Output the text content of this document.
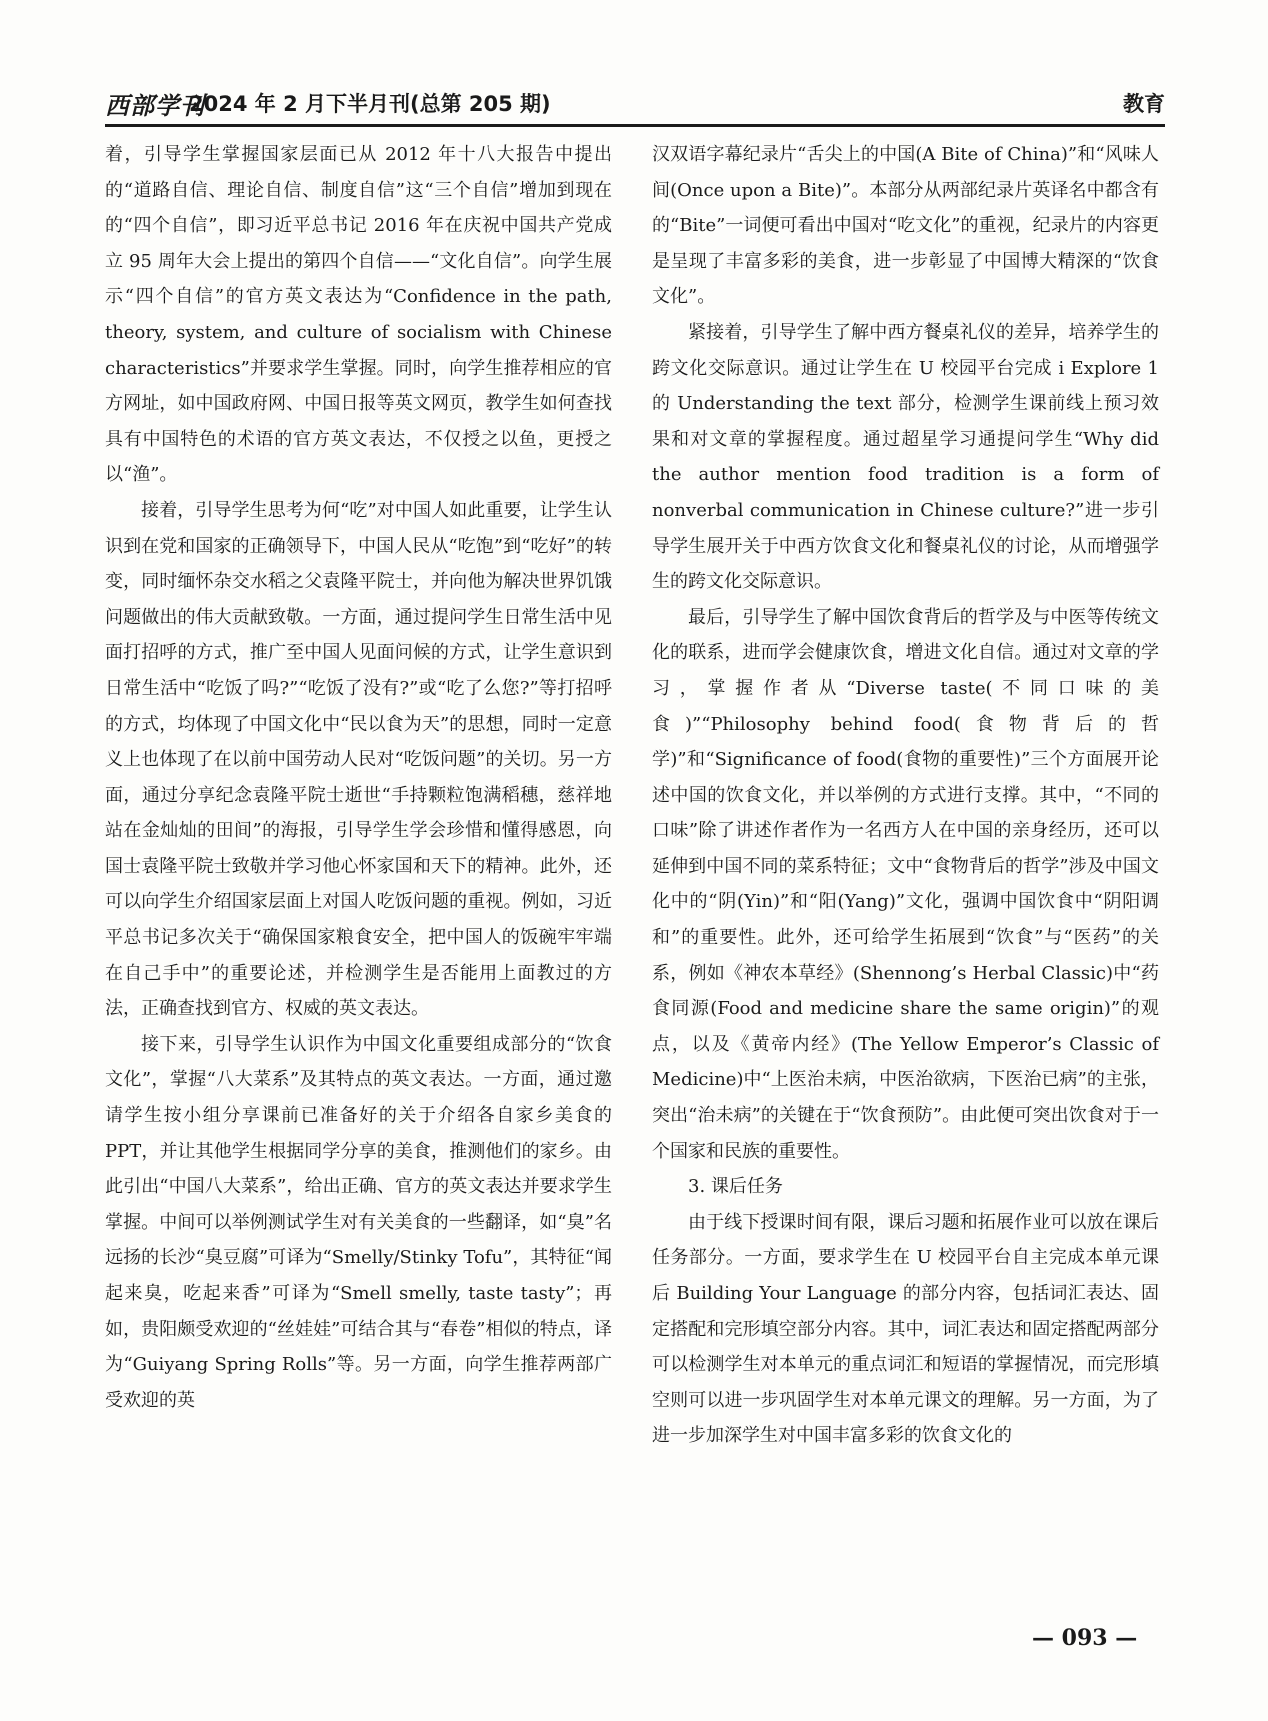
西部学刊
2024 年 2 月下半月刊(总第 205 期)	教育

着，引导学生掌握国家层面已从 2012 年十八大报告中提出的“道路自信、理论自信、制度自信”这“三个自信”增加到现在的“四个自信”，即习近平总书记 2016 年在庆祝中国共产党成立 95 周年大会上提出的第四个自信——“文化自信”。向学生展示“四个自信”的官方英文表达为“Confidence in the path, theory, system, and culture of socialism with Chinese characteristics”并要求学生掌握。同时，向学生推荐相应的官方网址，如中国政府网、中国日报等英文网页，教学生如何查找具有中国特色的术语的官方英文表达，不仅授之以鱼，更授之以“渔”。

接着，引导学生思考为何“吃”对中国人如此重要，让学生认识到在党和国家的正确领导下，中国人民从“吃饱”到“吃好”的转变，同时缅怀杂交水稻之父袁隆平院士，并向他为解决世界饥饿问题做出的伟大贡献致敬。一方面，通过提问学生日常生活中见面打招呼的方式，推广至中国人见面问候的方式，让学生意识到日常生活中“吃饭了吗?”“吃饭了没有?”或“吃了么您?”等打招呼的方式，均体现了中国文化中“民以食为天”的思想，同时一定意义上也体现了在以前中国劳动人民对“吃饭问题”的关切。另一方面，通过分享纪念袁隆平院士逝世“手持颗粒饱满稻穗，慈祥地站在金灿灿的田间”的海报，引导学生学会珍惜和懂得感恩，向国士袁隆平院士致敬并学习他心怀家国和天下的精神。此外，还可以向学生介绍国家层面上对国人吃饭问题的重视。例如，习近平总书记多次关于“确保国家粮食安全，把中国人的饭碗牢牢端在自己手中”的重要论述，并检测学生是否能用上面教过的方法，正确查找到官方、权威的英文表达。

接下来，引导学生认识作为中国文化重要组成部分的“饮食文化”，掌握“八大菜系”及其特点的英文表达。一方面，通过邀请学生按小组分享课前已准备好的关于介绍各自家乡美食的 PPT，并让其他学生根据同学分享的美食，推测他们的家乡。由此引出“中国八大菜系”，给出正确、官方的英文表达并要求学生掌握。中间可以举例测试学生对有关美食的一些翻译，如“臭”名远扬的长沙“臭豆腐”可译为“Smelly/Stinky Tofu”，其特征“闻起来臭，吃起来香”可译为“Smell smelly, taste tasty”；再如，贵阳颇受欢迎的“丝娃娃”可结合其与“春卷”相似的特点，译为“Guiyang Spring Rolls”等。另一方面，向学生推荐两部广受欢迎的英

汉双语字幕纪录片“舌尖上的中国(A Bite of China)”和“风味人间(Once upon a Bite)”。本部分从两部纪录片英译名中都含有的“Bite”一词便可看出中国对“吃文化”的重视，纪录片的内容更是呈现了丰富多彩的美食，进一步彰显了中国博大精深的“饮食文化”。

紧接着，引导学生了解中西方餐桌礼仪的差异，培养学生的跨文化交际意识。通过让学生在 U 校园平台完成 i Explore 1 的 Understanding the text 部分，检测学生课前线上预习效果和对文章的掌握程度。通过超星学习通提问学生“Why did the author mention food tradition is a form of nonverbal communication in Chinese culture?”进一步引导学生展开关于中西方饮食文化和餐桌礼仪的讨论，从而增强学生的跨文化交际意识。

最后，引导学生了解中国饮食背后的哲学及与中医等传统文化的联系，进而学会健康饮食，增进文化自信。通过对文章的学习，掌握作者从“Diverse taste(不同口味的美食)”“Philosophy behind food(食物背后的哲学)”和“Significance of food(食物的重要性)”三个方面展开论述中国的饮食文化，并以举例的方式进行支撑。其中，“不同的口味”除了讲述作者作为一名西方人在中国的亲身经历，还可以延伸到中国不同的菜系特征；文中“食物背后的哲学”涉及中国文化中的“阴(Yin)”和“阳(Yang)”文化，强调中国饮食中“阴阳调和”的重要性。此外，还可给学生拓展到“饮食”与“医药”的关系，例如《神农本草经》(Shennong’s Herbal Classic)中“药食同源(Food and medicine share the same origin)”的观点，以及《黄帝内经》(The Yellow Emperor’s Classic of Medicine)中“上医治未病，中医治欲病，下医治已病”的主张，突出“治未病”的关键在于“饮食预防”。由此便可突出饮食对于一个国家和民族的重要性。

3. 课后任务

由于线下授课时间有限，课后习题和拓展作业可以放在课后任务部分。一方面，要求学生在 U 校园平台自主完成本单元课后 Building Your Language 的部分内容，包括词汇表达、固定搭配和完形填空部分内容。其中，词汇表达和固定搭配两部分可以检测学生对本单元的重点词汇和短语的掌握情况，而完形填空则可以进一步巩固学生对本单元课文的理解。另一方面，为了进一步加深学生对中国丰富多彩的饮食文化的

— 093 —
